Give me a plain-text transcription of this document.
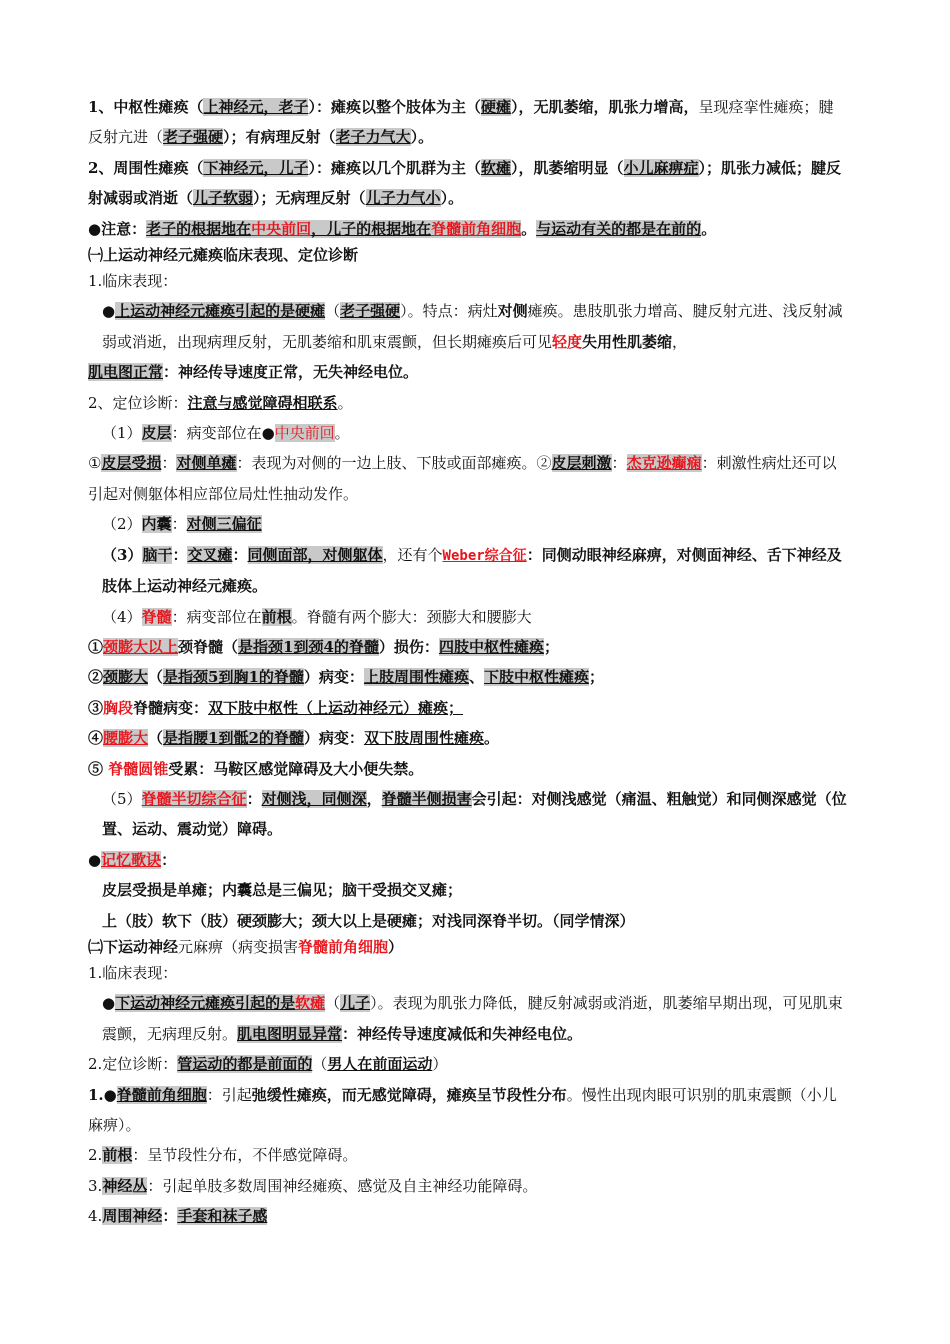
1、中枢性瘫痪（上神经元，老子）：瘫痪以整个肢体为主（硬瘫），无肌萎缩，肌张力增高，呈现痉挛性瘫痪；腱反射亢进（老子强硬）；有病理反射（老子力气大）。

2、周围性瘫痪（下神经元，儿子）：瘫痪以几个肌群为主（软瘫），肌萎缩明显（小儿麻痹症）；肌张力减低；腱反射减弱或消逝（儿子软弱）；无病理反射（儿子力气小）。

●注意：老子的根据地在中央前回，儿子的根据地在脊髓前角细胞。与运动有关的都是在前的。

㈠上运动神经元瘫痪临床表现、定位诊断

1.临床表现：

●上运动神经元瘫痪引起的是硬瘫（老子强硬）。特点：病灶对侧瘫痪。患肢肌张力增高、腱反射亢进、浅反射减弱或消逝，出现病理反射，无肌萎缩和肌束震颤，但长期瘫痪后可见轻度失用性肌萎缩，

肌电图正常：神经传导速度正常，无失神经电位。

2、定位诊断：注意与感觉障碍相联系。

（1）皮层：病变部位在●中央前回。

①皮层受损：对侧单瘫：表现为对侧的一边上肢、下肢或面部瘫痪。②皮层刺激：杰克逊癫痫：刺激性病灶还可以引起对侧躯体相应部位局灶性抽动发作。

（2）内囊：对侧三偏征

（3）脑干：交叉瘫：同侧面部，对侧躯体，还有个Weber综合征：同侧动眼神经麻痹，对侧面神经、舌下神经及肢体上运动神经元瘫痪。

（4）脊髓：病变部位在前根。脊髓有两个膨大：颈膨大和腰膨大

①颈膨大以上颈脊髓（是指颈1到颈4的脊髓）损伤：四肢中枢性瘫痪；

②颈膨大（是指颈5到胸1的脊髓）病变：上肢周围性瘫痪、下肢中枢性瘫痪；

③胸段脊髓病变：双下肢中枢性（上运动神经元）瘫痪；

④腰膨大（是指腰1到骶2的脊髓）病变：双下肢周围性瘫痪。

⑤ 脊髓圆锥受累：马鞍区感觉障碍及大小便失禁。

（5）脊髓半切综合征：对侧浅，同侧深，脊髓半侧损害会引起：对侧浅感觉（痛温、粗触觉）和同侧深感觉（位置、运动、震动觉）障碍。

●记忆歌诀：

皮层受损是单瘫；内囊总是三偏见；脑干受损交叉瘫；

上（肢）软下（肢）硬颈膨大；颈大以上是硬瘫；对浅同深脊半切。（同学情深）

㈡下运动神经元麻痹（病变损害脊髓前角细胞）

1.临床表现：

●下运动神经元瘫痪引起的是软瘫（儿子）。表现为肌张力降低，腱反射减弱或消逝，肌萎缩早期出现，可见肌束震颤，无病理反射。肌电图明显异常：神经传导速度减低和失神经电位。

2.定位诊断：管运动的都是前面的（男人在前面运动）

1.●脊髓前角细胞：引起弛缓性瘫痪，而无感觉障碍，瘫痪呈节段性分布。慢性出现肉眼可识别的肌束震颤（小儿麻痹）。

2.前根：呈节段性分布，不伴感觉障碍。

3.神经丛：引起单肢多数周围神经瘫痪、感觉及自主神经功能障碍。

4.周围神经：手套和袜子感
